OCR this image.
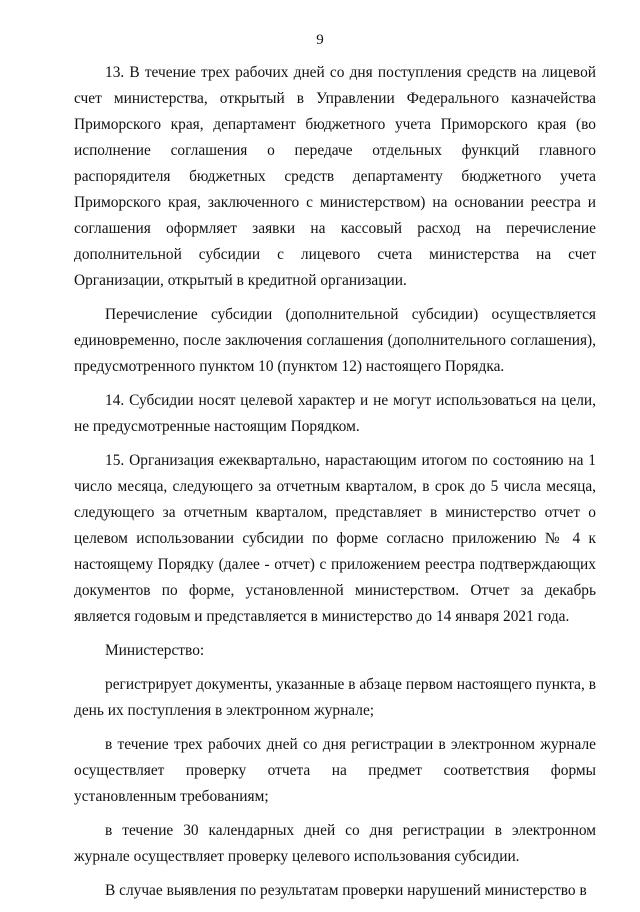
9

13. В течение трех рабочих дней со дня поступления средств на лицевой счет министерства, открытый в Управлении Федерального казначейства Приморского края, департамент бюджетного учета Приморского края (во исполнение соглашения о передаче отдельных функций главного распорядителя бюджетных средств департаменту бюджетного учета Приморского края, заключенного с министерством) на основании реестра и соглашения оформляет заявки на кассовый расход на перечисление дополнительной субсидии с лицевого счета министерства на счет Организации, открытый в кредитной организации.

Перечисление субсидии (дополнительной субсидии) осуществляется единовременно, после заключения соглашения (дополнительного соглашения), предусмотренного пунктом 10 (пунктом 12) настоящего Порядка.

14. Субсидии носят целевой характер и не могут использоваться на цели, не предусмотренные настоящим Порядком.

15. Организация ежеквартально, нарастающим итогом по состоянию на 1 число месяца, следующего за отчетным кварталом, в срок до 5 числа месяца, следующего за отчетным кварталом, представляет в министерство отчет о целевом использовании субсидии по форме согласно приложению № 4 к настоящему Порядку (далее - отчет) с приложением реестра подтверждающих документов по форме, установленной министерством. Отчет за декабрь является годовым и представляется в министерство до 14 января 2021 года.

Министерство:

регистрирует документы, указанные в абзаце первом настоящего пункта, в день их поступления в электронном журнале;

в течение трех рабочих дней со дня регистрации в электронном журнале осуществляет проверку отчета на предмет соответствия формы установленным требованиям;

в течение 30 календарных дней со дня регистрации в электронном журнале осуществляет проверку целевого использования субсидии.

В случае выявления по результатам проверки нарушений министерство в
